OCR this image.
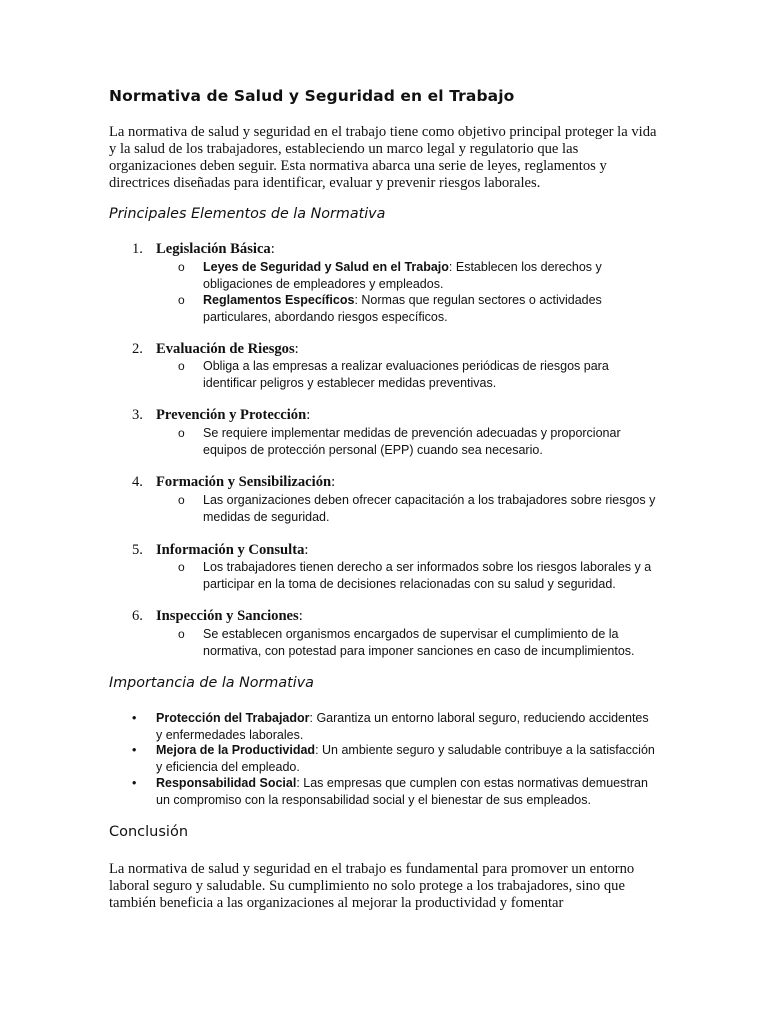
Normativa de Salud y Seguridad en el Trabajo
La normativa de salud y seguridad en el trabajo tiene como objetivo principal proteger la vida y la salud de los trabajadores, estableciendo un marco legal y regulatorio que las organizaciones deben seguir. Esta normativa abarca una serie de leyes, reglamentos y directrices diseñadas para identificar, evaluar y prevenir riesgos laborales.
Principales Elementos de la Normativa
1. Legislación Básica:
o Leyes de Seguridad y Salud en el Trabajo: Establecen los derechos y obligaciones de empleadores y empleados.
o Reglamentos Específicos: Normas que regulan sectores o actividades particulares, abordando riesgos específicos.
2. Evaluación de Riesgos:
o Obliga a las empresas a realizar evaluaciones periódicas de riesgos para identificar peligros y establecer medidas preventivas.
3. Prevención y Protección:
o Se requiere implementar medidas de prevención adecuadas y proporcionar equipos de protección personal (EPP) cuando sea necesario.
4. Formación y Sensibilización:
o Las organizaciones deben ofrecer capacitación a los trabajadores sobre riesgos y medidas de seguridad.
5. Información y Consulta:
o Los trabajadores tienen derecho a ser informados sobre los riesgos laborales y a participar en la toma de decisiones relacionadas con su salud y seguridad.
6. Inspección y Sanciones:
o Se establecen organismos encargados de supervisar el cumplimiento de la normativa, con potestad para imponer sanciones en caso de incumplimientos.
Importancia de la Normativa
• Protección del Trabajador: Garantiza un entorno laboral seguro, reduciendo accidentes y enfermedades laborales.
• Mejora de la Productividad: Un ambiente seguro y saludable contribuye a la satisfacción y eficiencia del empleado.
• Responsabilidad Social: Las empresas que cumplen con estas normativas demuestran un compromiso con la responsabilidad social y el bienestar de sus empleados.
Conclusión
La normativa de salud y seguridad en el trabajo es fundamental para promover un entorno laboral seguro y saludable. Su cumplimiento no solo protege a los trabajadores, sino que también beneficia a las organizaciones al mejorar la productividad y fomentar
